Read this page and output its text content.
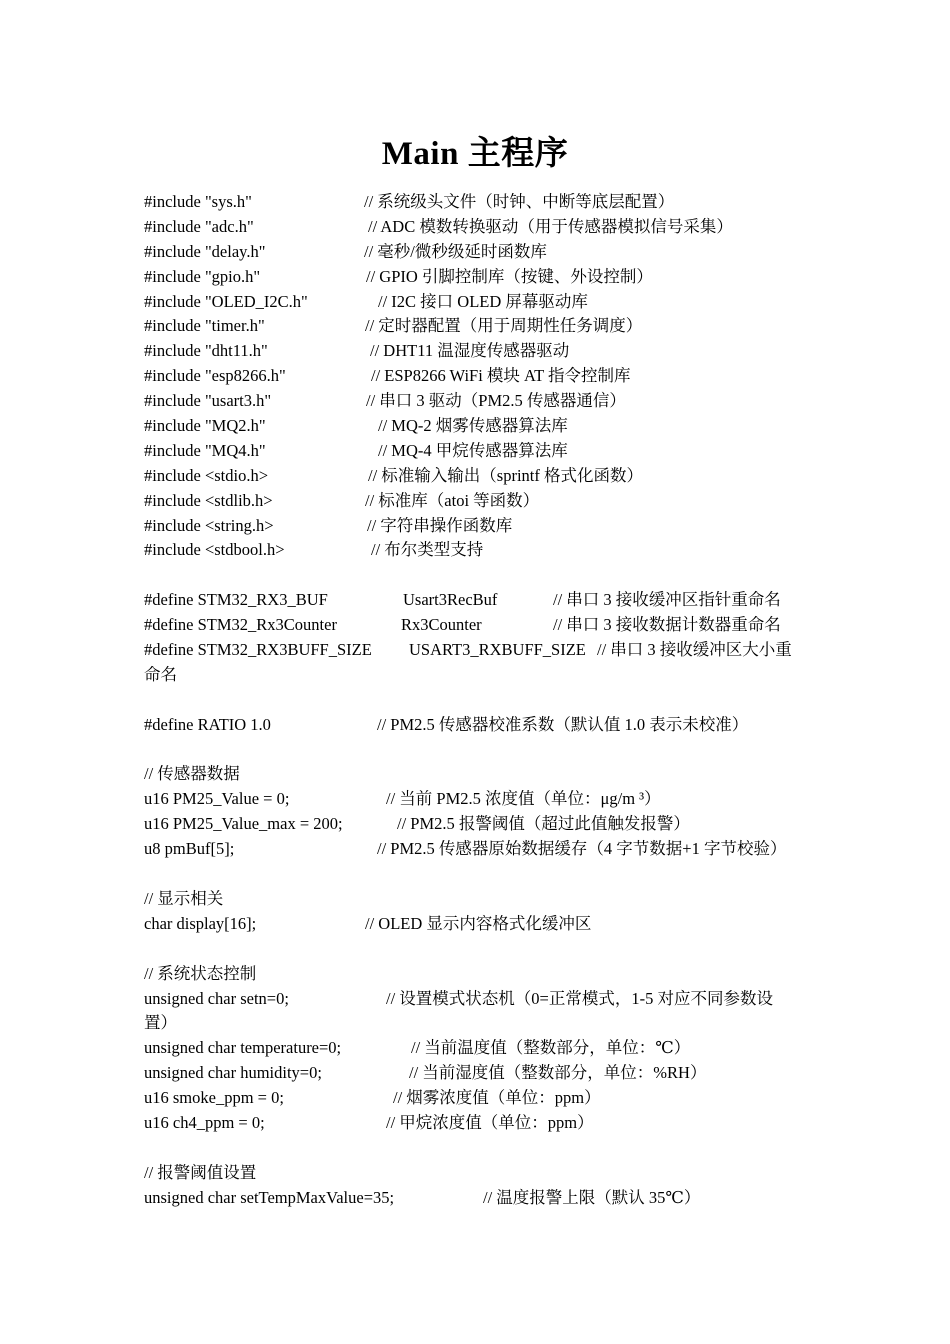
Main 主程序
#include "sys.h"	// 系统级头文件（时钟、中断等底层配置）
#include "adc.h"	// ADC 模数转换驱动（用于传感器模拟信号采集）
#include "delay.h"	// 毫秒/微秒级延时函数库
#include "gpio.h"	// GPIO 引脚控制库（按键、外设控制）
#include "OLED_I2C.h"	// I2C 接口 OLED 屏幕驱动库
#include "timer.h"	// 定时器配置（用于周期性任务调度）
#include "dht11.h"	// DHT11 温湿度传感器驱动
#include "esp8266.h"	// ESP8266 WiFi 模块 AT 指令控制库
#include "usart3.h"	// 串口 3 驱动（PM2.5 传感器通信）
#include "MQ2.h"	// MQ-2 烟雾传感器算法库
#include "MQ4.h"	// MQ-4 甲烷传感器算法库
#include <stdio.h>	// 标准输入输出（sprintf 格式化函数）
#include <stdlib.h>	// 标准库（atoi 等函数）
#include <string.h>	// 字符串操作函数库
#include <stdbool.h>	// 布尔类型支持
#define STM32_RX3_BUF	Usart3RecBuf	// 串口 3 接收缓冲区指针重命名
#define STM32_Rx3Counter	Rx3Counter	// 串口 3 接收数据计数器重命名
#define STM32_RX3BUFF_SIZE USART3_RXBUFF_SIZE // 串口 3 接收缓冲区大小重
命名
#define RATIO 1.0	// PM2.5 传感器校准系数（默认值 1.0 表示未校准）
// 传感器数据
u16 PM25_Value = 0;	// 当前 PM2.5 浓度值（单位：μg/m ³）
u16 PM25_Value_max = 200;	// PM2.5 报警阈值（超过此值触发报警）
u8 pmBuf[5];	// PM2.5 传感器原始数据缓存（4 字节数据+1 字节校验）
// 显示相关
char display[16];	// OLED 显示内容格式化缓冲区
// 系统状态控制
unsigned char setn=0;	// 设置模式状态机（0=正常模式，1-5 对应不同参数设
置）
unsigned char temperature=0;	// 当前温度值（整数部分，单位：℃）
unsigned char humidity=0;	// 当前湿度值（整数部分，单位：%RH）
u16 smoke_ppm = 0;	// 烟雾浓度值（单位：ppm）
u16 ch4_ppm = 0;	// 甲烷浓度值（单位：ppm）
// 报警阈值设置
unsigned char setTempMaxValue=35;	// 温度报警上限（默认 35℃）
